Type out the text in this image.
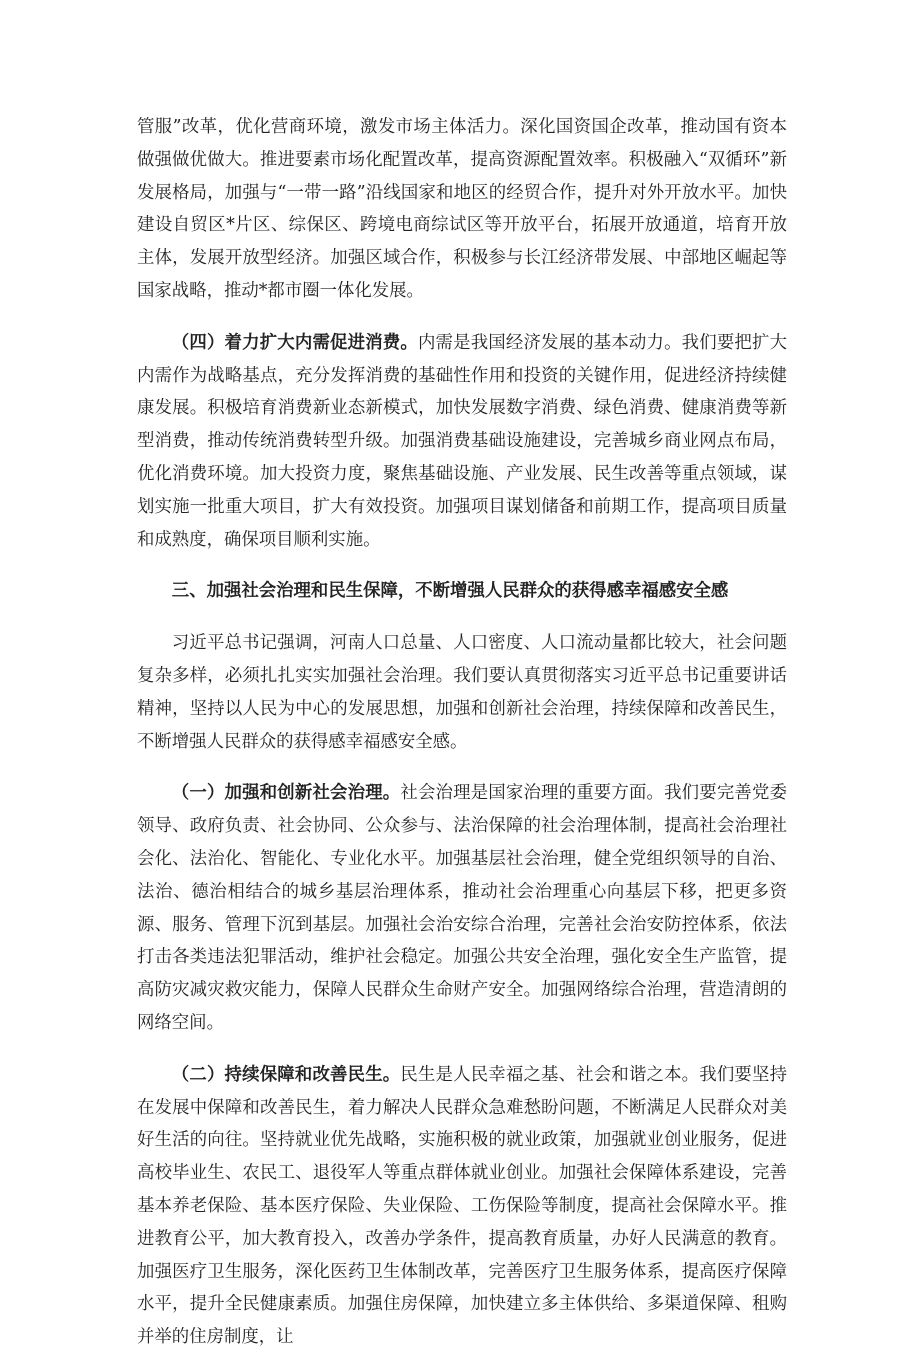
管服”改革，优化营商环境，激发市场主体活力。深化国资国企改革，推动国有资本做强做优做大。推进要素市场化配置改革，提高资源配置效率。积极融入“双循环”新发展格局，加强与“一带一路”沿线国家和地区的经贸合作，提升对外开放水平。加快建设自贸区*片区、综保区、跨境电商综试区等开放平台，拓展开放通道，培育开放主体，发展开放型经济。加强区域合作，积极参与长江经济带发展、中部地区崛起等国家战略，推动*都市圈一体化发展。

（四）着力扩大内需促进消费。内需是我国经济发展的基本动力。我们要把扩大内需作为战略基点，充分发挥消费的基础性作用和投资的关键作用，促进经济持续健康发展。积极培育消费新业态新模式，加快发展数字消费、绿色消费、健康消费等新型消费，推动传统消费转型升级。加强消费基础设施建设，完善城乡商业网点布局，优化消费环境。加大投资力度，聚焦基础设施、产业发展、民生改善等重点领域，谋划实施一批重大项目，扩大有效投资。加强项目谋划储备和前期工作，提高项目质量和成熟度，确保项目顺利实施。

三、加强社会治理和民生保障，不断增强人民群众的获得感幸福感安全感

习近平总书记强调，河南人口总量、人口密度、人口流动量都比较大，社会问题复杂多样，必须扎扎实实加强社会治理。我们要认真贯彻落实习近平总书记重要讲话精神，坚持以人民为中心的发展思想，加强和创新社会治理，持续保障和改善民生，不断增强人民群众的获得感幸福感安全感。

（一）加强和创新社会治理。社会治理是国家治理的重要方面。我们要完善党委领导、政府负责、社会协同、公众参与、法治保障的社会治理体制，提高社会治理社会化、法治化、智能化、专业化水平。加强基层社会治理，健全党组织领导的自治、法治、德治相结合的城乡基层治理体系，推动社会治理重心向基层下移，把更多资源、服务、管理下沉到基层。加强社会治安综合治理，完善社会治安防控体系，依法打击各类违法犯罪活动，维护社会稳定。加强公共安全治理，强化安全生产监管，提高防灾减灾救灾能力，保障人民群众生命财产安全。加强网络综合治理，营造清朗的网络空间。

（二）持续保障和改善民生。民生是人民幸福之基、社会和谐之本。我们要坚持在发展中保障和改善民生，着力解决人民群众急难愁盼问题，不断满足人民群众对美好生活的向往。坚持就业优先战略，实施积极的就业政策，加强就业创业服务，促进高校毕业生、农民工、退役军人等重点群体就业创业。加强社会保障体系建设，完善基本养老保险、基本医疗保险、失业保险、工伤保险等制度，提高社会保障水平。推进教育公平，加大教育投入，改善办学条件，提高教育质量，办好人民满意的教育。加强医疗卫生服务，深化医药卫生体制改革，完善医疗卫生服务体系，提高医疗保障水平，提升全民健康素质。加强住房保障，加快建立多主体供给、多渠道保障、租购并举的住房制度，让
